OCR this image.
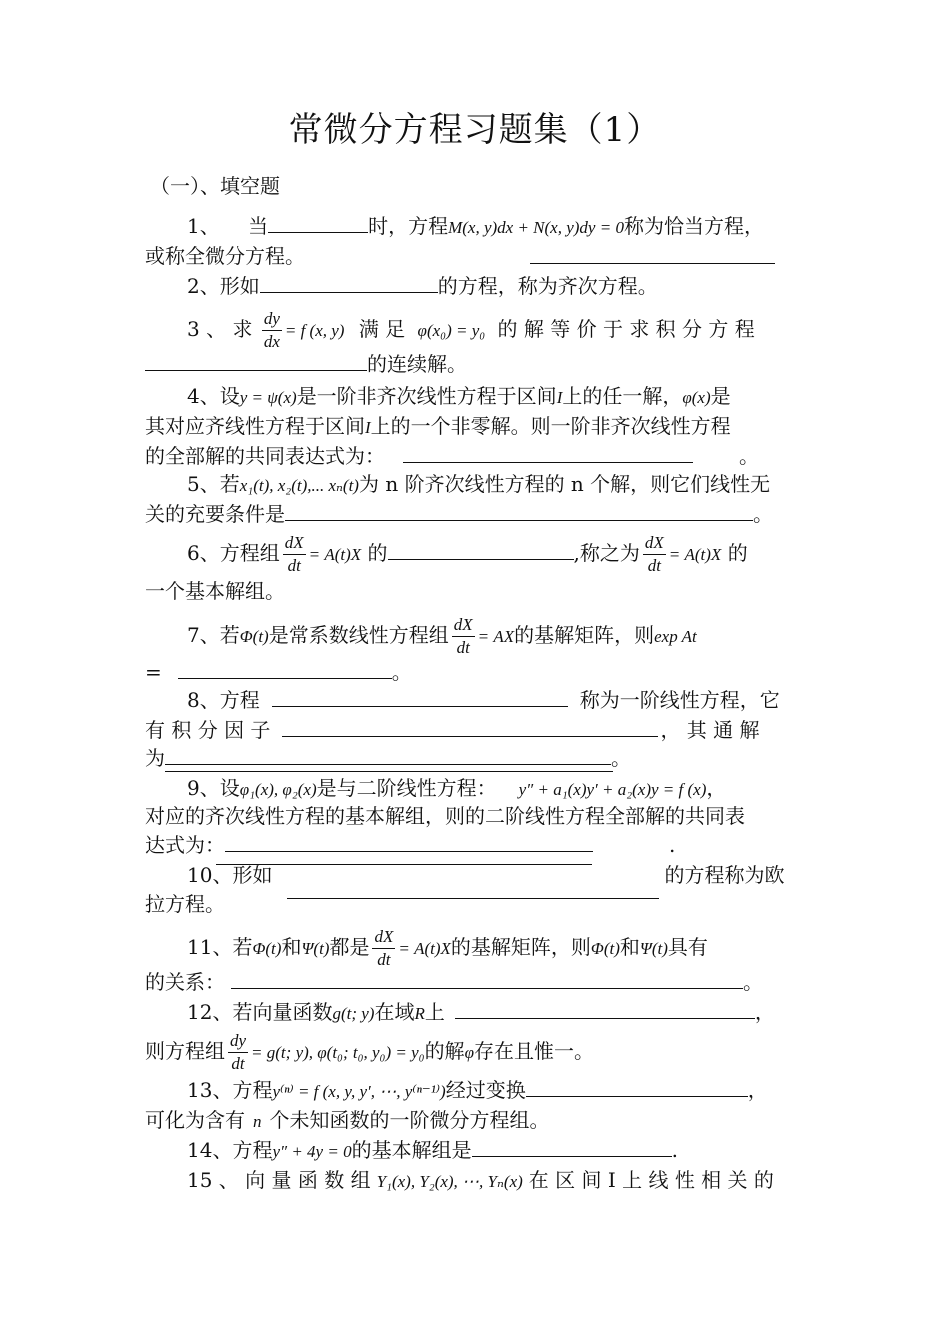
常微分方程习题集（1）
（一）、填空题
1、 当	时，方程M(x, y)dx + N(x, y)dy = 0称为恰当方程，
或称全微分方程。
2、形如	的方程，称为齐次方程。
3 、 求 $\frac{dy}{dx} = f$ (x, y) 满 足 φ(x₀) = y₀ 的 解 等 价 于 求 积 分 方 程
的连续解。
4、设y = ψ(x)是一阶非齐次线性方程于区间I上的任一解，φ(x)是
其对应齐线性方程于区间I上的一个非零解。则一阶非齐次线性方程
的全部解的共同表达式为：	。
5、若x₁(t), x₂(t),... xₙ(t)为 n 阶齐次线性方程的 n 个解，则它们线性无
关的充要条件是	。
6、方程组 $\frac{dX}{dt} = A(t)X$ 的	,称之为 $\frac{dX}{dt} = A(t)X$ 的
一个基本解组。
7、若Φ(t)是常系数线性方程组 $\frac{dX}{dt}$ = AX的基解矩阵，则exp At
=	。
8、方程	称为一阶线性方程，它
有 积 分 因 子	， 其 通 解
为	。
9、设φ₁(x), φ₂(x)是与二阶线性方程： y″ + a₁(x)y′ + a₂(x)y = f (x)，
对应的齐次线性方程的基本解组，则的二阶线性方程全部解的共同表
达式为：	.
10、形如	的方程称为欧
拉方程。
11、若Φ(t)和Ψ(t)都是 $\frac{dX}{dt} = A(t)X$的基解矩阵，则Φ(t)和Ψ(t)具有
的关系：	。
12、若向量函数g(t; y)在域R上	，
则方程组 $\frac{dy}{dt} = g(t$; y), φ(t₀; t₀, y₀) = y₀的解φ存在且惟一。
13、方程y⁽ⁿ⁾ = f (x, y, y′, ⋯, y⁽ⁿ⁻¹⁾)经过变换	，
可化为含有 n 个未知函数的一阶微分方程组。
14、方程y″ + 4y = 0的基本解组是	.
15 、 向 量 函 数 组 Y₁(x), Y₂(x), ⋯, Yₙ(x) 在 区 间 I 上 线 性 相 关 的
